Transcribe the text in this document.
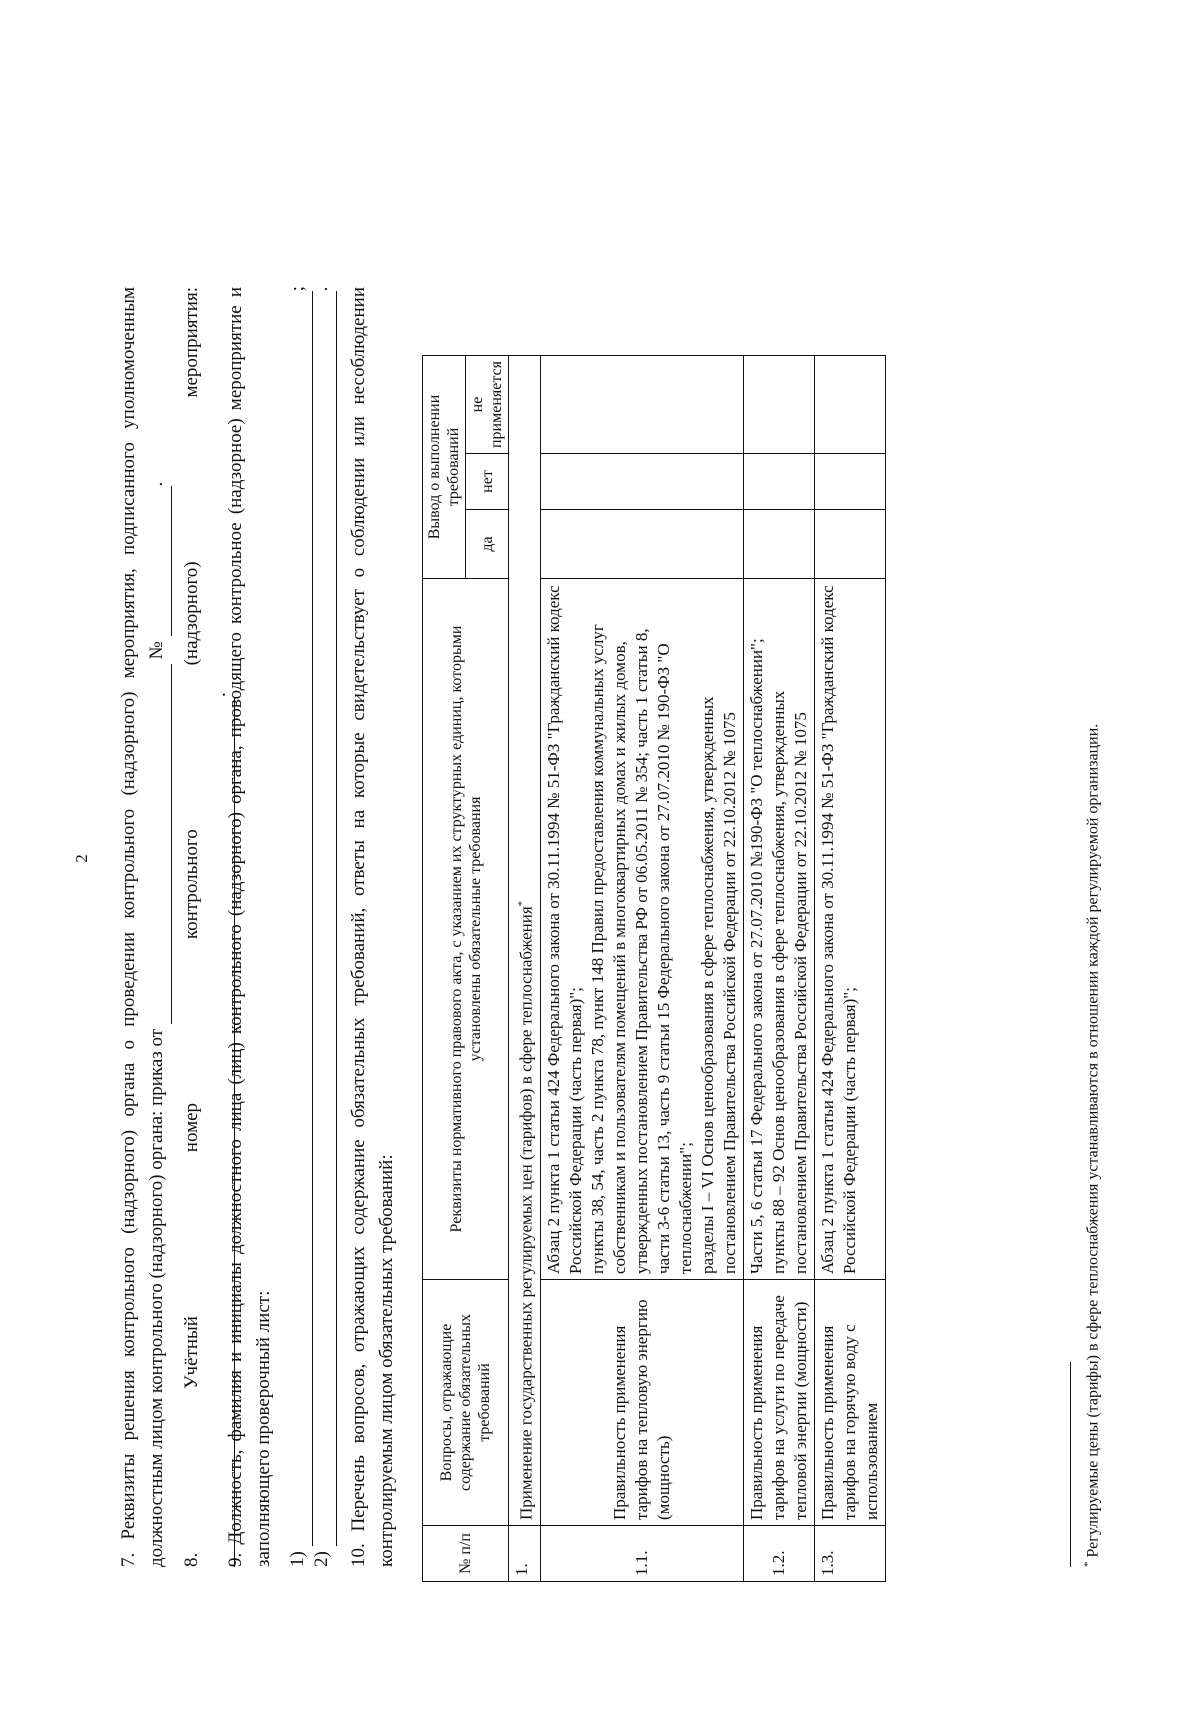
2 7. Реквизиты решения контрольного (надзорного) органа о проведении контрольного (надзорного) мероприятия, подписанного уполномоченным должностным лицом контрольного (надзорного) органа: приказ от   №  . 8. Учётный номер контрольного (надзорного) мероприятия: .
9. Должность, фамилия и инициалы должностного лица (лиц) контрольного (надзорного) органа, проводящего контрольное (надзорное) мероприятие и заполняющего проверочный лист: 1)  ;
2)  . 10. Перечень вопросов, отражающих содержание обязательных требований, ответы на которые свидетельствует о соблюдении или несоблюдении контролируемым лицом обязательных требований:	№ п/п	Вопросы, отражающие содержание обязательных требований	Реквизиты нормативного правового акта, с указанием их структурных единиц, которыми установлены обязательные требования	Вывод о выполнении требований		
			да	нет	не применяется
1.	Применение государственных регулируемых цен (тарифов) в сфере теплоснабжения*
1.1.	Правильность применения тарифов на тепловую энергию (мощность)	Абзац 2 пункта 1 статьи 424 Федерального закона от 30.11.1994 № 51-ФЗ "Гражданский кодекс Российской Федерации (часть первая)"; пункты 38, 54, часть 2 пункта 78, пункт 148 Правил предоставления коммунальных услуг собственникам и пользователям помещений в многоквартирных домах и жилых домов, утвержденных постановлением Правительства РФ от 06.05.2011 № 354; часть 1 статьи 8, части 3-6 статьи 13, часть 9 статьи 15 Федерального закона от 27.07.2010 № 190-ФЗ "О теплоснабжении"; разделы I – VI Основ ценообразования в сфере теплоснабжения, утвержденных постановлением Правительства Российской Федерации от 22.10.2012 № 1075			

1.2.	Правильность применения тарифов на услуги по передаче тепловой энергии (мощности)	Части 5, 6 статьи 17 Федерального закона от 27.07.2010 №190-ФЗ "О теплоснабжении"; пункты 88 – 92 Основ ценообразования в сфере теплоснабжения, утвержденных постановлением Правительства Российской Федерации от 22.10.2012 № 1075			

1.3.	Правильность применения тарифов на горячую воду с использованием	Абзац 2 пункта 1 статьи 424 Федерального закона от 30.11.1994 № 51-ФЗ "Гражданский кодекс Российской Федерации (часть первая)";			

* Регулируемые цены (тарифы) в сфере теплоснабжения устанавливаются в отношении каждой регулируемой организации.
